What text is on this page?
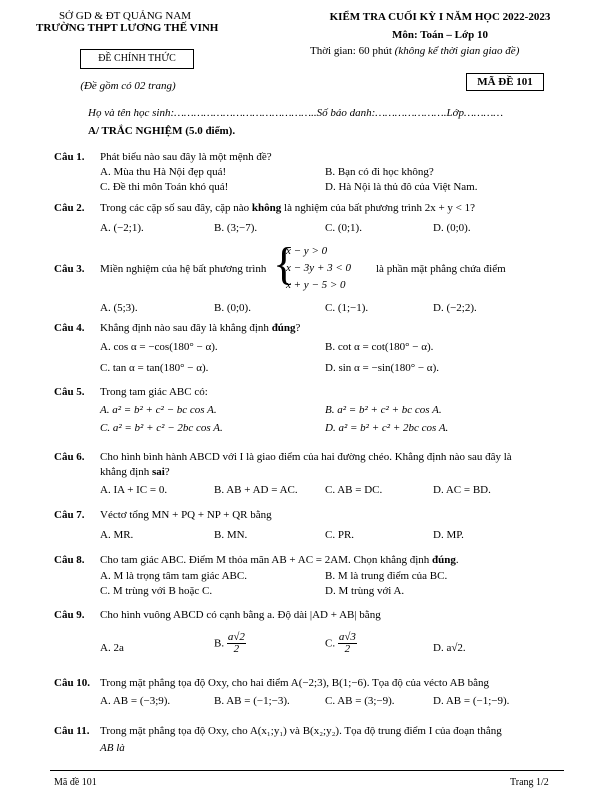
SỞ GD & ĐT QUẢNG NAM
TRƯỜNG THPT LƯƠNG THẾ VINH
ĐỀ CHÍNH THỨC
(Đề gồm có 02 trang)
KIỂM TRA CUỐI KỲ I NĂM HỌC 2022-2023
Môn: Toán – Lớp 10
Thời gian: 60 phút (không kể thời gian giao đề)
MÃ ĐỀ 101
Họ và tên học sinh:……………………………………..Số báo danh:………………….Lớp…………
A/ TRẮC NGHIỆM (5.0 điểm).
Câu 1. Phát biểu nào sau đây là một mệnh đề?
A. Mùa thu Hà Nội đẹp quá!	B. Bạn có đi học không?
C. Đề thi môn Toán khó quá!	D. Hà Nội là thủ đô của Việt Nam.
Câu 2. Trong các cặp số sau đây, cặp nào không là nghiệm của bất phương trình 2x + y < 1?
A. (−2;1).	B. (3;−7).	C. (0;1).	D. (0;0).
Câu 3. Miền nghiệm của hệ bất phương trình {
x − y > 0
x − 3y + 3 < 0
x + y − 5 > 0
là phần mặt phẳng chứa điểm
A. (5;3).	B. (0;0).	C. (1;−1).	D. (−2;2).
Câu 4. Khẳng định nào sau đây là khẳng định đúng?
A. cos α = −cos(180° − α).	B. cot α = cot(180° − α).
C. tan α = tan(180° − α).	D. sin α = −sin(180° − α).
Câu 5. Trong tam giác ABC có:
A. a² = b² + c² − bc cos A.	B. a² = b² + c² + bc cos A.
C. a² = b² + c² − 2bc cos A.	D. a² = b² + c² + 2bc cos A.
Câu 6. Cho hình bình hành ABCD với I là giao điểm của hai đường chéo. Khẳng định nào sau đây là
khẳng định sai?
A. IA + IC = 0.	B. AB + AD = AC. C. AB = DC.	D. AC = BD.
Câu 7. Véctơ tổng MN + PQ + NP + QR bằng
A. MR.	B. MN.	C. PR.	D. MP.
Câu 8. Cho tam giác ABC. Điểm M thỏa mãn AB + AC = 2AM. Chọn khẳng định đúng.
A. M là trọng tâm tam giác ABC.	B. M là trung điểm của BC.
C. M trùng với B hoặc C.	D. M trùng với A.
Câu 9. Cho hình vuông ABCD có cạnh bằng a. Độ dài |AD + AB| bằng
A. 2a	B. $\frac{a√2}{2}$	C. $\frac{a√3}{2}$	D. a√2.
Câu 10. Trong mặt phẳng tọa độ Oxy, cho hai điểm A(−2;3), B(1;−6). Tọa độ của vécto AB bằng
A. AB = (−3;9).	B. AB = (−1;−3).	C. AB = (3;−9).	D. AB = (−1;−9).
Câu 11. Trong mặt phẳng tọa độ Oxy, cho A(x₁;y₁) và B(x₂;y₂). Tọa độ trung điểm I của đoạn thẳng
AB là
Mã đề 101	Trang 1/2
